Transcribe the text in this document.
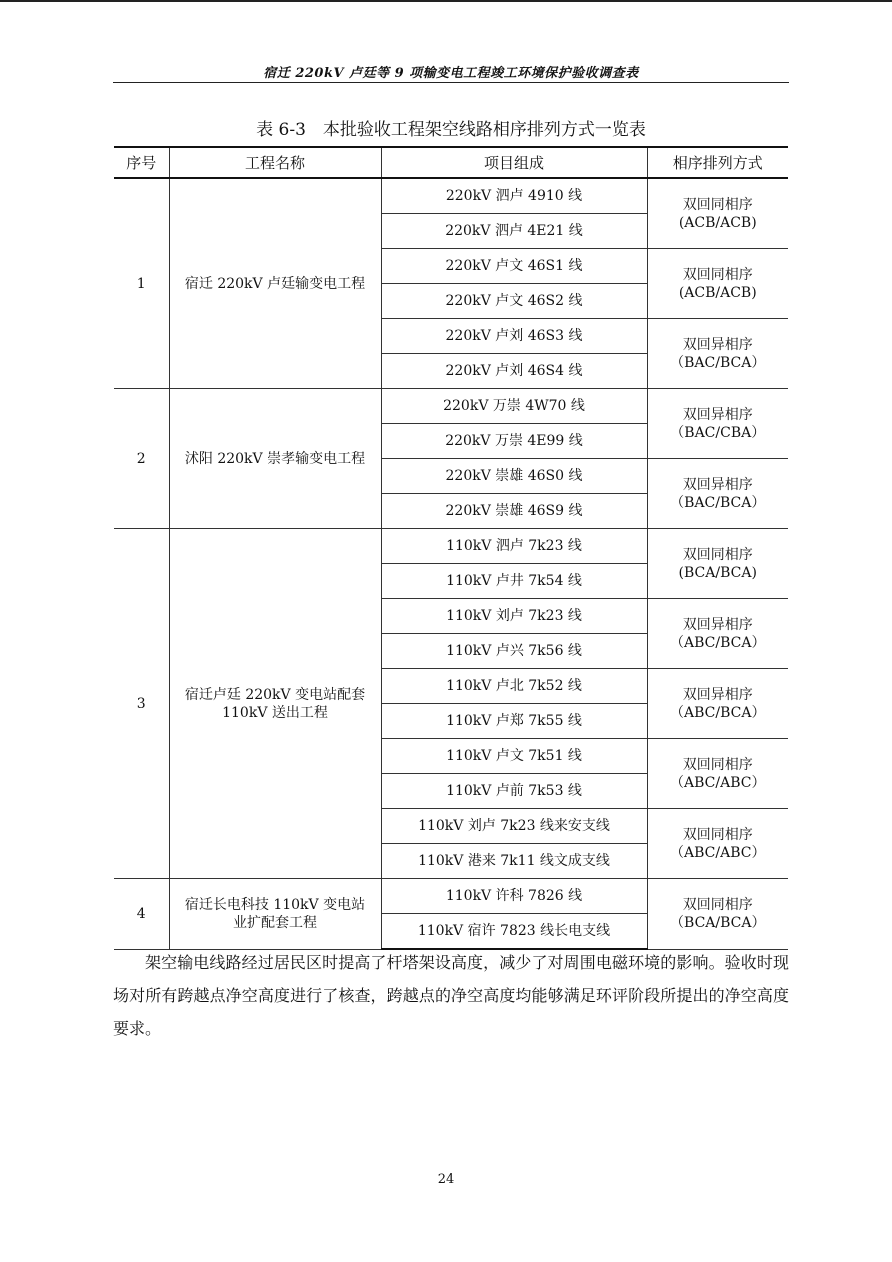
宿迁 220kV 卢廷等 9 项输变电工程竣工环境保护验收调查表
表 6-3　本批验收工程架空线路相序排列方式一览表
序号	工程名称	项目组成	相序排列方式
1	宿迁 220kV 卢廷输变电工程	220kV 泗卢 4910 线	双回同相序
(ACB/ACB)
		220kV 泗卢 4E21 线	
		220kV 卢文 46S1 线	双回同相序
(ACB/ACB)
		220kV 卢文 46S2 线	
		220kV 卢刘 46S3 线	双回异相序
（BAC/BCA）
		220kV 卢刘 46S4 线	
2	沭阳 220kV 崇孝输变电工程	220kV 万崇 4W70 线	双回异相序
（BAC/CBA）
		220kV 万崇 4E99 线	
		220kV 崇雄 46S0 线	双回异相序
（BAC/BCA）
		220kV 崇雄 46S9 线	
3	宿迁卢廷 220kV 变电站配套
110kV 送出工程	110kV 泗卢 7k23 线	双回同相序
(BCA/BCA)
		110kV 卢井 7k54 线	
		110kV 刘卢 7k23 线	双回异相序
（ABC/BCA）
		110kV 卢兴 7k56 线	
		110kV 卢北 7k52 线	双回异相序
（ABC/BCA）
		110kV 卢郑 7k55 线	
		110kV 卢文 7k51 线	双回同相序
（ABC/ABC）
		110kV 卢前 7k53 线	
		110kV 刘卢 7k23 线来安支线	双回同相序
（ABC/ABC）
		110kV 港来 7k11 线文成支线	
4	宿迁长电科技 110kV 变电站
业扩配套工程	110kV 许科 7826 线	双回同相序
（BCA/BCA）
		110kV 宿许 7823 线长电支线	
架空输电线路经过居民区时提高了杆塔架设高度，减少了对周围电磁环境的影响。验收时现场对所有跨越点净空高度进行了核查，跨越点的净空高度均能够满足环评阶段所提出的净空高度要求。
24
